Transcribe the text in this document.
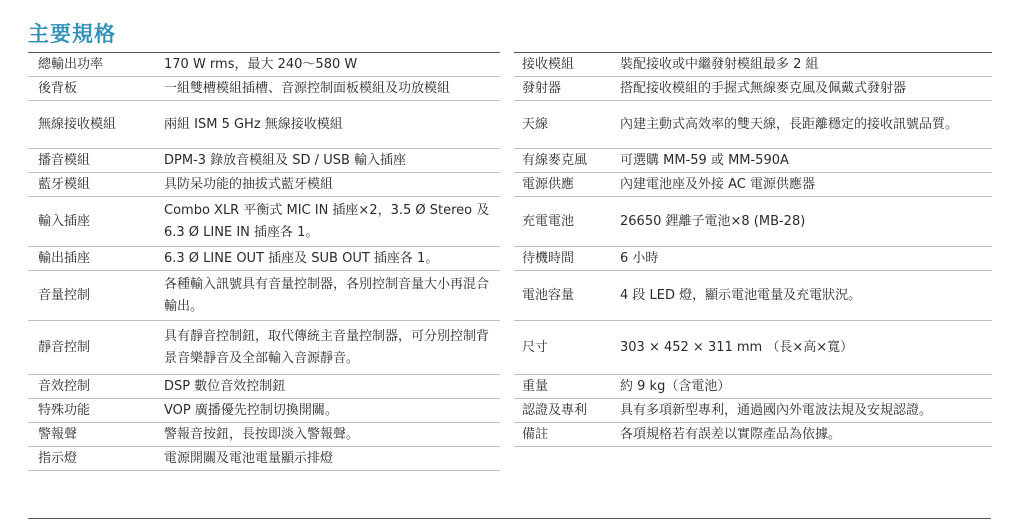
主要規格
總輸出功率	170 W rms，最大 240～580 W
後背板	一組雙槽模組插槽、音源控制面板模組及功放模組
無線接收模組	兩組 ISM 5 GHz 無線接收模組
播音模組	DPM-3 錄放音模組及 SD / USB 輸入插座
藍牙模組	具防呆功能的抽拔式藍牙模組
輸入插座	Combo XLR 平衡式 MIC IN 插座×2，3.5 Ø Stereo 及 6.3 Ø LINE IN 插座各 1。
輸出插座	6.3 Ø LINE OUT 插座及 SUB OUT 插座各 1。
音量控制	各種輸入訊號具有音量控制器，各別控制音量大小再混合輸出。
靜音控制	具有靜音控制鈕，取代傳統主音量控制器，可分別控制背景音樂靜音及全部輸入音源靜音。
音效控制	DSP 數位音效控制鈕
特殊功能	VOP 廣播優先控制切換開關。
警報聲	警報音按鈕，長按即淡入警報聲。
指示燈	電源開關及電池電量顯示排燈
接收模組	裝配接收或中繼發射模組最多 2 組
發射器	搭配接收模組的手握式無線麥克風及佩戴式發射器
天線	內建主動式高效率的雙天線，長距離穩定的接收訊號品質。
有線麥克風	可選購 MM-59 或 MM-590A
電源供應	內建電池座及外接 AC 電源供應器
充電電池	26650 鋰離子電池×8 (MB-28)
待機時間	6 小時
電池容量	4 段 LED 燈，顯示電池電量及充電狀況。
尺寸	303 × 452 × 311 mm （長×高×寬）
重量	約 9 kg（含電池）
認證及專利	具有多項新型專利，通過國內外電波法規及安規認證。
備註	各項規格若有誤差以實際產品為依據。
